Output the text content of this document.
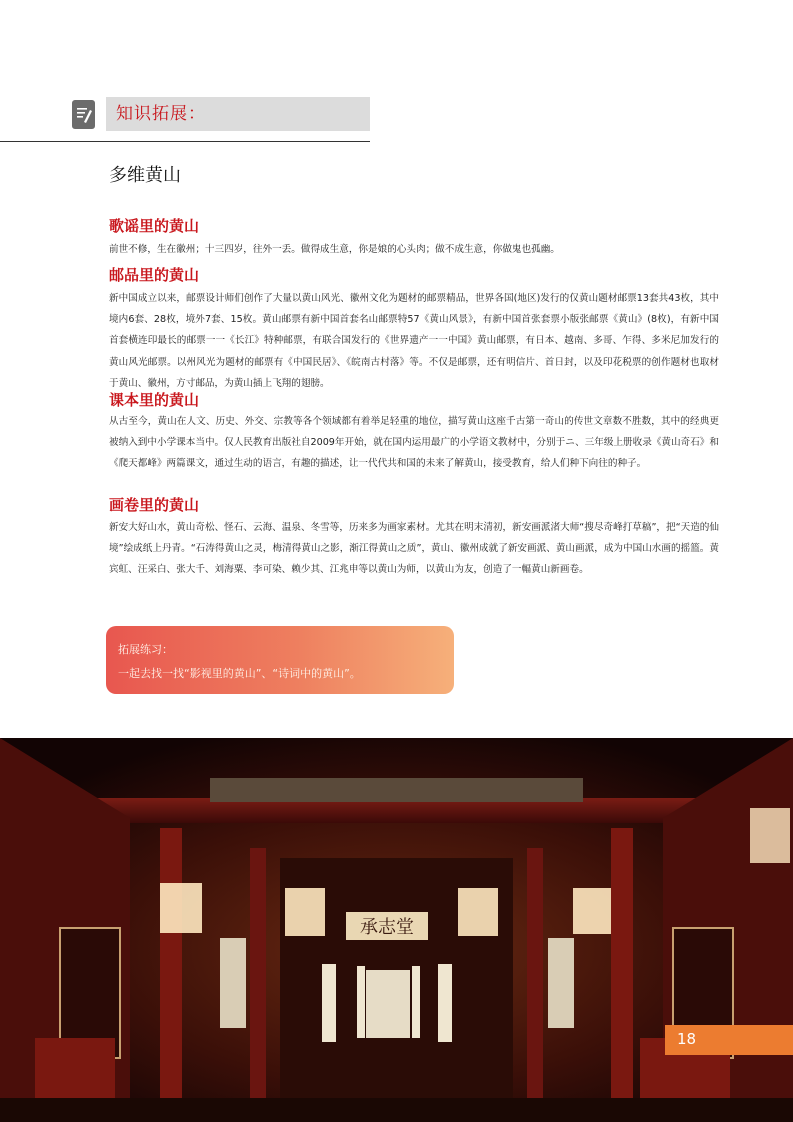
知识拓展：
多维黄山
歌谣里的黄山
前世不修，生在徽州；十三四岁，往外一丢。做得成生意，你是娘的心头肉；做不成生意，你做鬼也孤幽。
邮品里的黄山
新中国成立以来，邮票设计师们创作了大量以黄山风光、徽州文化为题材的邮票精品，世界各国(地区)发行的仅黄山题材邮票13套共43枚，其中境内6套、28枚，境外7套、15枚。黄山邮票有新中国首套名山邮票特57《黄山风景》，有新中国首张套票小版张邮票《黄山》(8枚)，有新中国首套横连印最长的邮票一一《长江》特种邮票，有联合国发行的《世界遗产一一中国》黄山邮票，有日本、越南、多哥、乍得、多米尼加发行的黄山风光邮票。以州风光为题材的邮票有《中国民居》、《皖南古村落》等。不仅是邮票，还有明信片、首日封，以及印花税票的创作题材也取材于黄山、徽州，方寸邮品，为黄山插上飞翔的翅膀。
课本里的黄山
从古至今，黄山在人文、历史、外交、宗教等各个领域都有着举足轻重的地位，描写黄山这座千古第一奇山的传世文章数不胜数，其中的经典更被纳入到中小学课本当中。仅人民教育出版社自2009年开始，就在国内运用最广的小学语文教材中，分别于ニ、三年级上册收录《黄山奇石》和《爬天都峰》两篇课文，通过生动的语言，有趣的描述，让一代代共和国的未来了解黄山，接受教育，给人们种下向往的种子。
画卷里的黄山
新安大好山水，黄山奇松、怪石、云海、温泉、冬雪等，历来多为画家素材。尤其在明末清初，新安画派渚大师“搜尽奇峰打草稿”，把“天造的仙境”绘成纸上丹青。“石涛得黄山之灵，梅清得黄山之影，渐江得黄山之质”，黄山、徽州成就了新安画派、黄山画派，成为中国山水画的摇篮。黄宾虹、汪采白、张大千、刘海粟、李可染、赖少其、江兆申等以黄山为师，以黄山为友，创造了一輻黄山新画卷。
拓展练习：
一起去找一找“影视里的黄山”、“诗词中的黄山”。
承志堂
18
